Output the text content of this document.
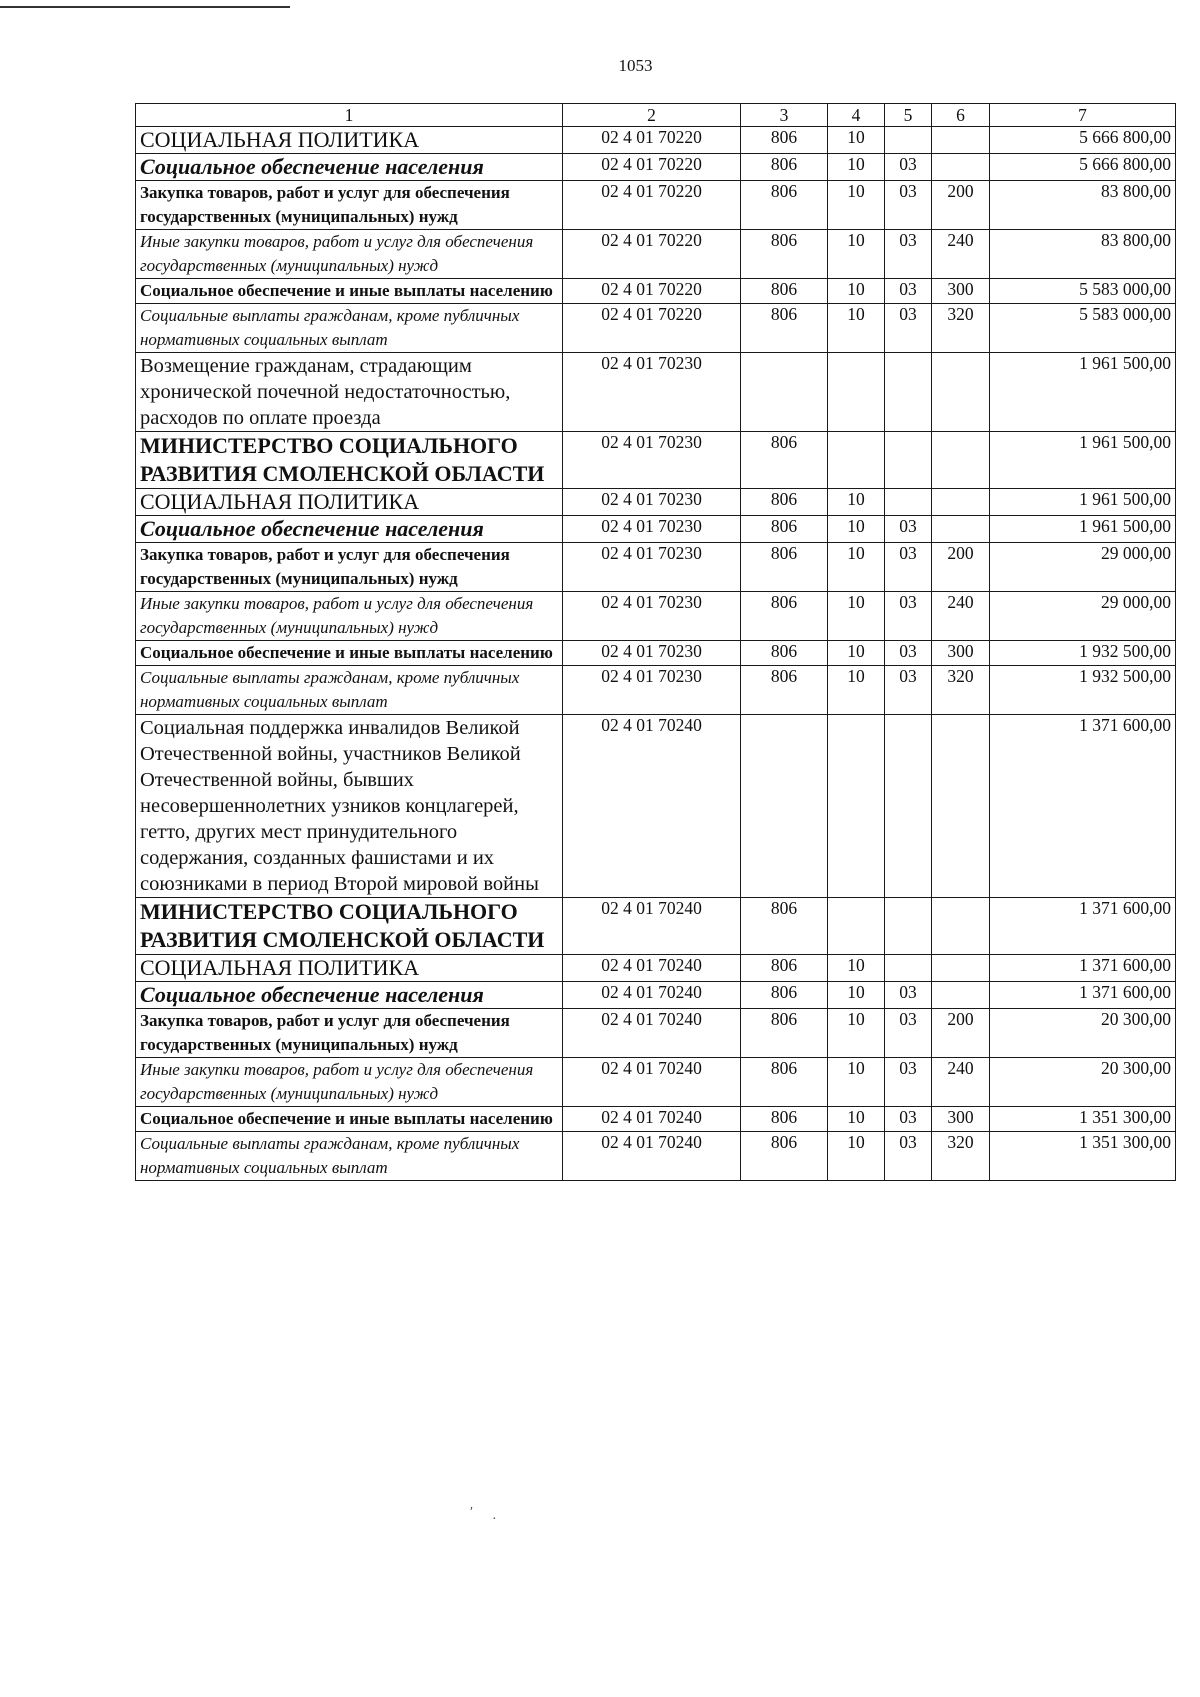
1053
1	2	3	4	5	6	7
СОЦИАЛЬНАЯ ПОЛИТИКА	02 4 01 70220	806	10			5 666 800,00
Социальное обеспечение населения	02 4 01 70220	806	10	03		5 666 800,00
Закупка товаров, работ и услуг для обеспечения государственных (муниципальных) нужд	02 4 01 70220	806	10	03	200	83 800,00
Иные закупки товаров, работ и услуг для обеспечения государственных (муниципальных) нужд	02 4 01 70220	806	10	03	240	83 800,00
Социальное обеспечение и иные выплаты населению	02 4 01 70220	806	10	03	300	5 583 000,00
Социальные выплаты гражданам, кроме публичных нормативных социальных выплат	02 4 01 70220	806	10	03	320	5 583 000,00
Возмещение гражданам, страдающим хронической почечной недостаточностью, расходов по оплате проезда	02 4 01 70230					1 961 500,00
МИНИСТЕРСТВО СОЦИАЛЬНОГО РАЗВИТИЯ СМОЛЕНСКОЙ ОБЛАСТИ	02 4 01 70230	806				1 961 500,00
СОЦИАЛЬНАЯ ПОЛИТИКА	02 4 01 70230	806	10			1 961 500,00
Социальное обеспечение населения	02 4 01 70230	806	10	03		1 961 500,00
Закупка товаров, работ и услуг для обеспечения государственных (муниципальных) нужд	02 4 01 70230	806	10	03	200	29 000,00
Иные закупки товаров, работ и услуг для обеспечения государственных (муниципальных) нужд	02 4 01 70230	806	10	03	240	29 000,00
Социальное обеспечение и иные выплаты населению	02 4 01 70230	806	10	03	300	1 932 500,00
Социальные выплаты гражданам, кроме публичных нормативных социальных выплат	02 4 01 70230	806	10	03	320	1 932 500,00
Социальная поддержка инвалидов Великой Отечественной войны, участников Великой Отечественной войны, бывших несовершеннолетних узников концлагерей, гетто, других мест принудительного содержания, созданных фашистами и их союзниками в период Второй мировой войны	02 4 01 70240					1 371 600,00
МИНИСТЕРСТВО СОЦИАЛЬНОГО РАЗВИТИЯ СМОЛЕНСКОЙ ОБЛАСТИ	02 4 01 70240	806				1 371 600,00
СОЦИАЛЬНАЯ ПОЛИТИКА	02 4 01 70240	806	10			1 371 600,00
Социальное обеспечение населения	02 4 01 70240	806	10	03		1 371 600,00
Закупка товаров, работ и услуг для обеспечения государственных (муниципальных) нужд	02 4 01 70240	806	10	03	200	20 300,00
Иные закупки товаров, работ и услуг для обеспечения государственных (муниципальных) нужд	02 4 01 70240	806	10	03	240	20 300,00
Социальное обеспечение и иные выплаты населению	02 4 01 70240	806	10	03	300	1 351 300,00
Социальные выплаты гражданам, кроме публичных нормативных социальных выплат	02 4 01 70240	806	10	03	320	1 351 300,00
′ ·
